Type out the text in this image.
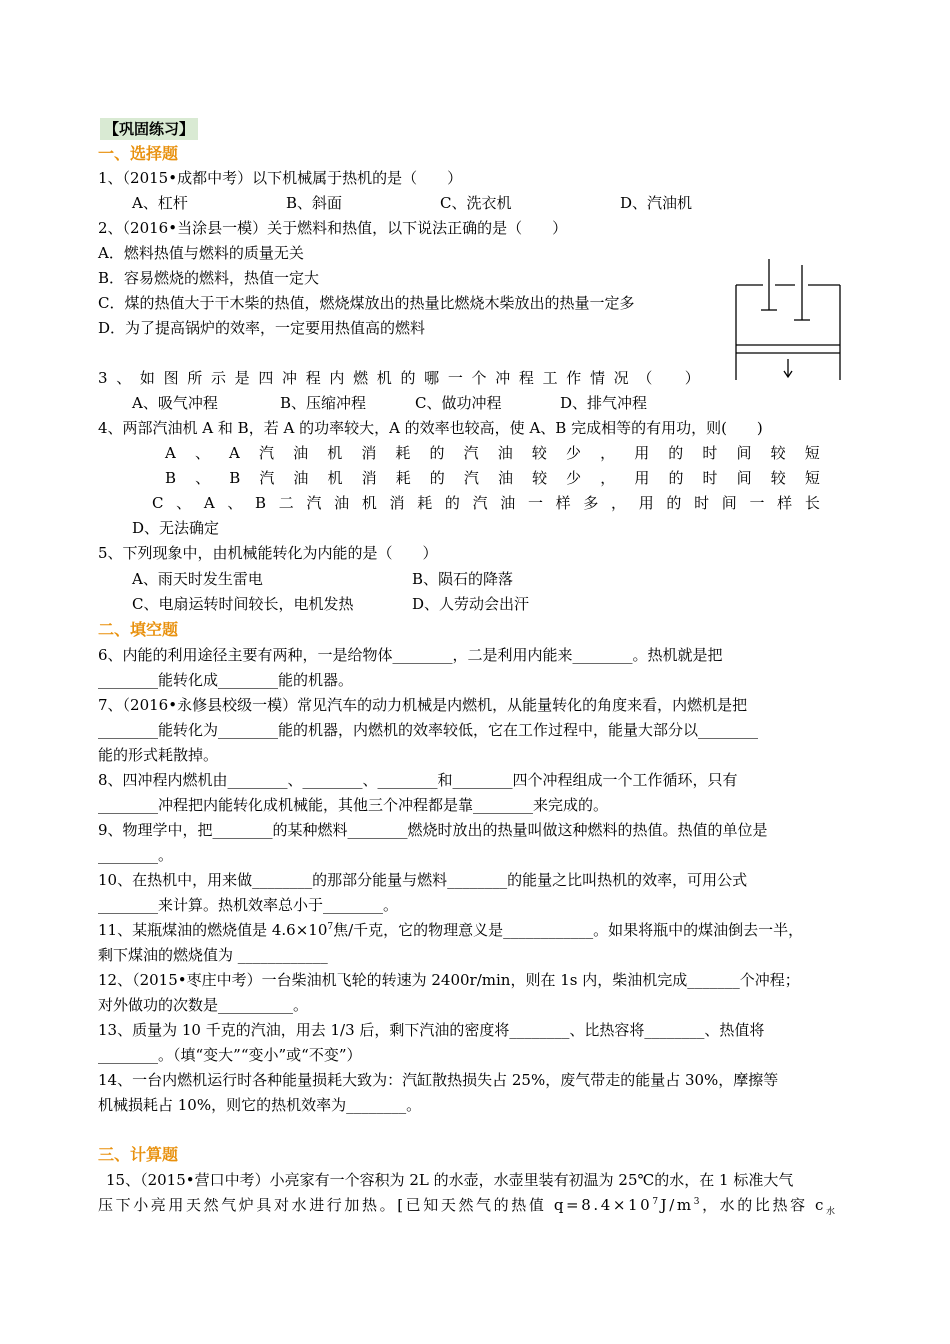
【巩固练习】
一、选择题
1、（2015•成都中考）以下机械属于热机的是（　　）
A、杠杆	B、斜面	C、洗衣机	D、汽油机
2、（2016•当涂县一模）关于燃料和热值，以下说法正确的是（　　）
A．燃料热值与燃料的质量无关
B．容易燃烧的燃料，热值一定大
C．煤的热值大于干木柴的热值，燃烧煤放出的热量比燃烧木柴放出的热量一定多
D．为了提高锅炉的效率，一定要用热值高的燃料
3 、 如 图 所 示 是 四 冲 程 内 燃 机 的 哪 一 个 冲 程 工 作 情 况 （
　 ）
A、吸气冲程	B、压缩冲程	C、做功冲程	D、排气冲程
4、两部汽油机 A 和 B，若 A 的功率较大，A 的效率也较高，使 A、B 完成相等的有用功，则(　　)
A 、 A 汽 油 机 消 耗 的 汽 油 较 少 ， 用 的 时 间 较 短
B 、 B 汽 油 机 消 耗 的 汽 油 较 少 ， 用 的 时 间 较 短
C 、 A 、 B 二 汽 油 机 消 耗 的 汽 油 一 样 多 ， 用 的 时 间 一 样 长
D、无法确定
5、下列现象中，由机械能转化为内能的是（　　）
A、雨天时发生雷电	B、陨石的降落
C、电扇运转时间较长，电机发热	D、人劳动会出汗
二、填空题
6、内能的利用途径主要有两种，一是给物体________，二是利用内能来________。热机就是把
________能转化成________能的机器。
7、（2016•永修县校级一模）常见汽车的动力机械是内燃机，从能量转化的角度来看，内燃机是把
________能转化为________能的机器，内燃机的效率较低，它在工作过程中，能量大部分以________
能的形式耗散掉。
8、四冲程内燃机由________、________、________和________四个冲程组成一个工作循环，只有
________冲程把内能转化成机械能，其他三个冲程都是靠________来完成的。
9、物理学中，把________的某种燃料________燃烧时放出的热量叫做这种燃料的热值。热值的单位是
________。
10、在热机中，用来做________的那部分能量与燃料________的能量之比叫热机的效率，可用公式
________来计算。热机效率总小于________。
11、某瓶煤油的燃烧值是 $4.6\times 10^7$焦/千克，它的物理意义是____________。如果将瓶中的煤油倒去一半，
剩下煤油的燃烧值为 ____________
12、（2015•枣庄中考）一台柴油机飞轮的转速为 2400r/min，则在 1s 内，柴油机完成_______个冲程；
对外做功的次数是__________。
13、质量为 10 千克的汽油，用去 1/3 后，剩下汽油的密度将________、比热容将________、热值将
________。（填“变大”“变小”或“不变”）
14、一台内燃机运行时各种能量损耗大致为：汽缸散热损失占 25%，废气带走的能量占 30%，摩擦等
机械损耗占 10%，则它的热机效率为________。
三、计算题
15、（2015•营口中考）小亮家有一个容积为 2L 的水壶，水壶里装有初温为 25℃的水，在 1 标准大气
压下小亮用天然气炉具对水进行加热。[已知天然气的热值 $q=8.4\times 10^7J/m^3$，水的比热容 $c_水$
